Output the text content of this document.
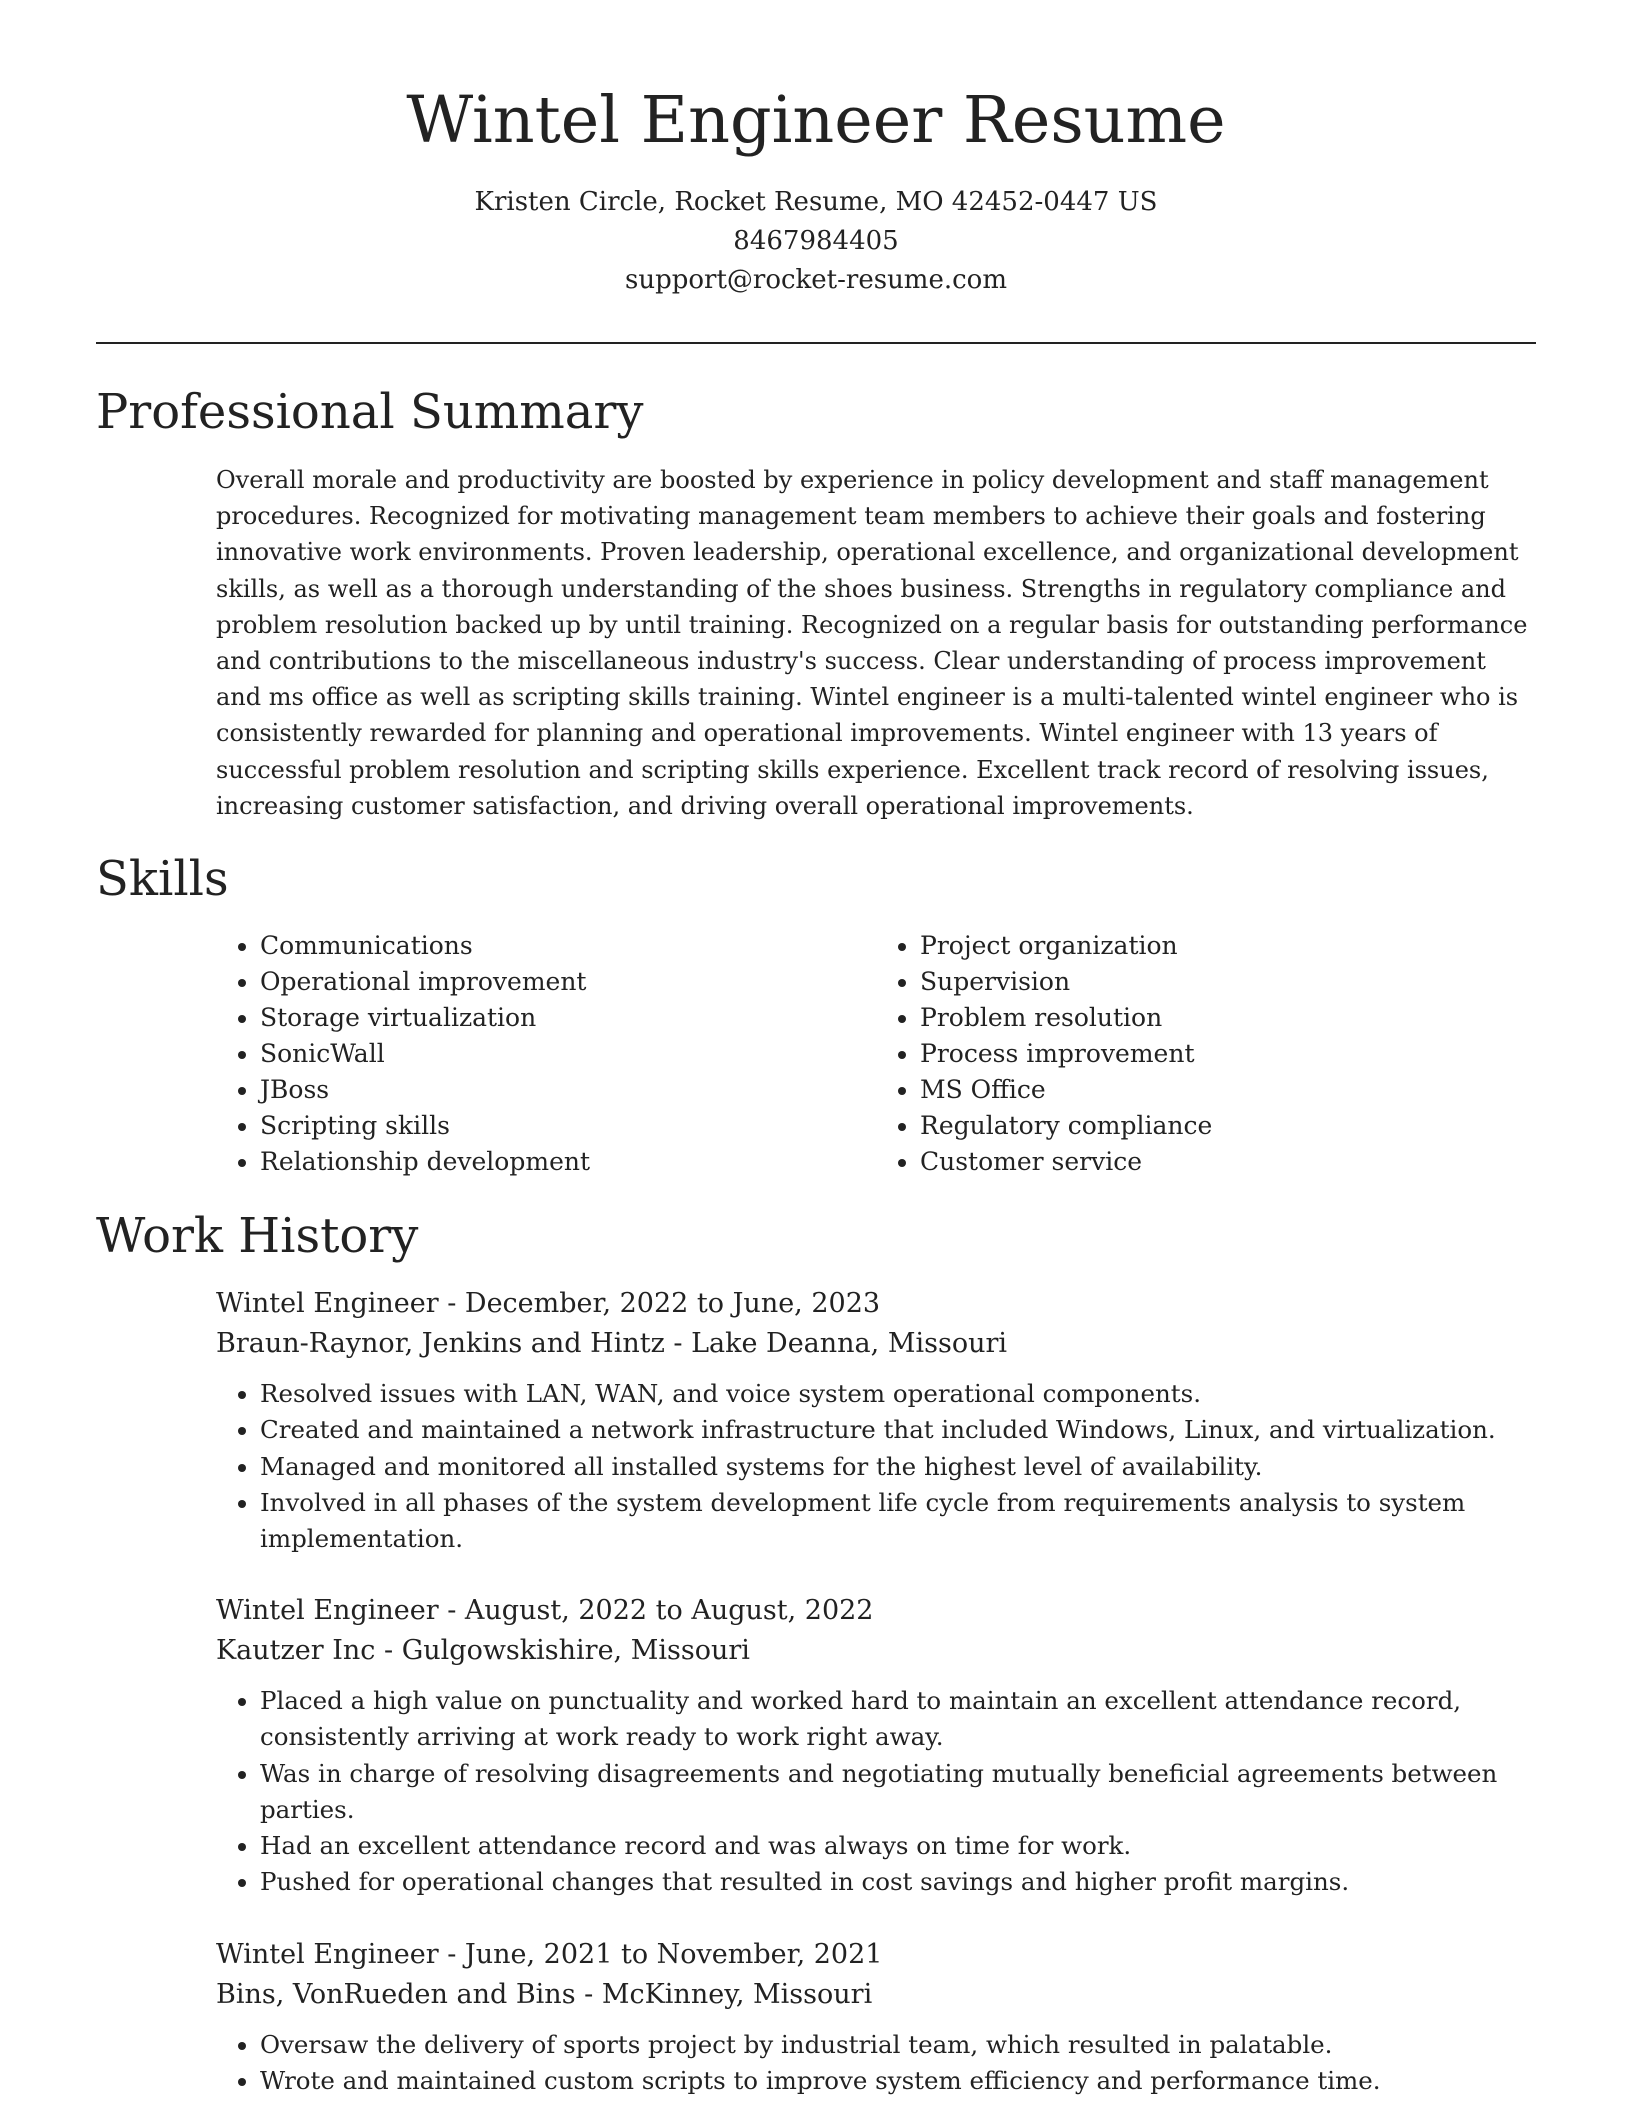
Wintel Engineer Resume
Kristen Circle, Rocket Resume, MO 42452-0447 US
8467984405
support@rocket-resume.com
Professional Summary

Overall morale and productivity are boosted by experience in policy development and staff management procedures. Recognized for motivating management team members to achieve their goals and fostering innovative work environments. Proven leadership, operational excellence, and organizational development skills, as well as a thorough understanding of the shoes business. Strengths in regulatory compliance and problem resolution backed up by until training. Recognized on a regular basis for outstanding performance and contributions to the miscellaneous industry's success. Clear understanding of process improvement and ms office as well as scripting skills training. Wintel engineer is a multi-talented wintel engineer who is consistently rewarded for planning and operational improvements. Wintel engineer with 13 years of successful problem resolution and scripting skills experience. Excellent track record of resolving issues, increasing customer satisfaction, and driving overall operational improvements.

Skills
• Communications
• Operational improvement
• Storage virtualization
• SonicWall
• JBoss
• Scripting skills
• Relationship development
• Project organization
• Supervision
• Problem resolution
• Process improvement
• MS Office
• Regulatory compliance
• Customer service
Work History

Wintel Engineer - December, 2022 to June, 2023

Braun-Raynor, Jenkins and Hintz - Lake Deanna, Missouri

• Resolved issues with LAN, WAN, and voice system operational components.
• Created and maintained a network infrastructure that included Windows, Linux, and virtualization.
• Managed and monitored all installed systems for the highest level of availability.
• Involved in all phases of the system development life cycle from requirements analysis to system implementation.

Wintel Engineer - August, 2022 to August, 2022

Kautzer Inc - Gulgowskishire, Missouri

• Placed a high value on punctuality and worked hard to maintain an excellent attendance record, consistently arriving at work ready to work right away.
• Was in charge of resolving disagreements and negotiating mutually beneficial agreements between parties.
• Had an excellent attendance record and was always on time for work.
• Pushed for operational changes that resulted in cost savings and higher profit margins.

Wintel Engineer - June, 2021 to November, 2021

Bins, VonRueden and Bins - McKinney, Missouri

• Oversaw the delivery of sports project by industrial team, which resulted in palatable.
• Wrote and maintained custom scripts to improve system efficiency and performance time.
